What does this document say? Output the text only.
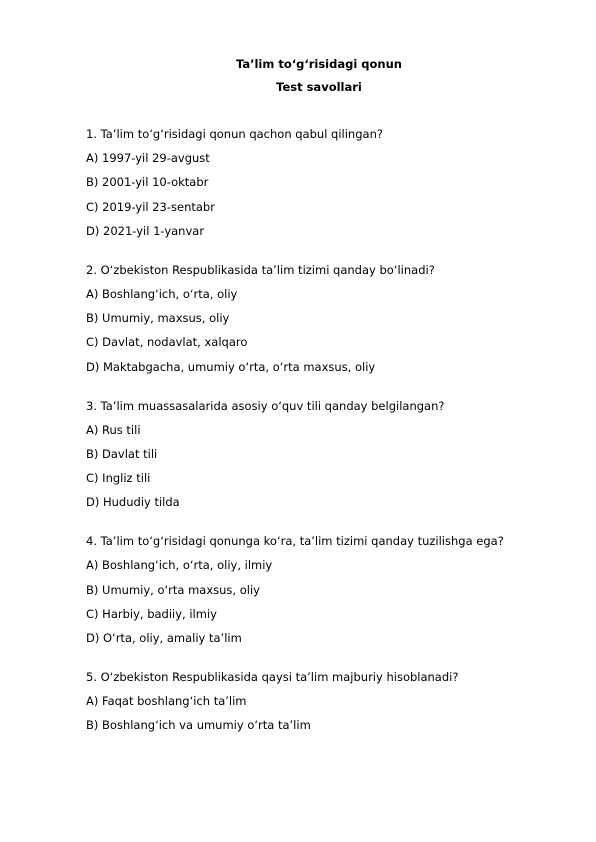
Ta’lim to‘g‘risidagi qonun
Test savollari
1. Ta’lim to‘g‘risidagi qonun qachon qabul qilingan?
A) 1997-yil 29-avgust
B) 2001-yil 10-oktabr
C) 2019-yil 23-sentabr
D) 2021-yil 1-yanvar
2. O‘zbekiston Respublikasida ta’lim tizimi qanday bo‘linadi?
A) Boshlang‘ich, o‘rta, oliy
B) Umumiy, maxsus, oliy
C) Davlat, nodavlat, xalqaro
D) Maktabgacha, umumiy o‘rta, o‘rta maxsus, oliy
3. Ta’lim muassasalarida asosiy o‘quv tili qanday belgilangan?
A) Rus tili
B) Davlat tili
C) Ingliz tili
D) Hududiy tilda
4. Ta’lim to‘g‘risidagi qonunga ko‘ra, ta’lim tizimi qanday tuzilishga ega?
A) Boshlang‘ich, o‘rta, oliy, ilmiy
B) Umumiy, o‘rta maxsus, oliy
C) Harbiy, badiiy, ilmiy
D) O‘rta, oliy, amaliy ta’lim
5. O‘zbekiston Respublikasida qaysi ta’lim majburiy hisoblanadi?
A) Faqat boshlang‘ich ta’lim
B) Boshlang‘ich va umumiy o‘rta ta’lim
